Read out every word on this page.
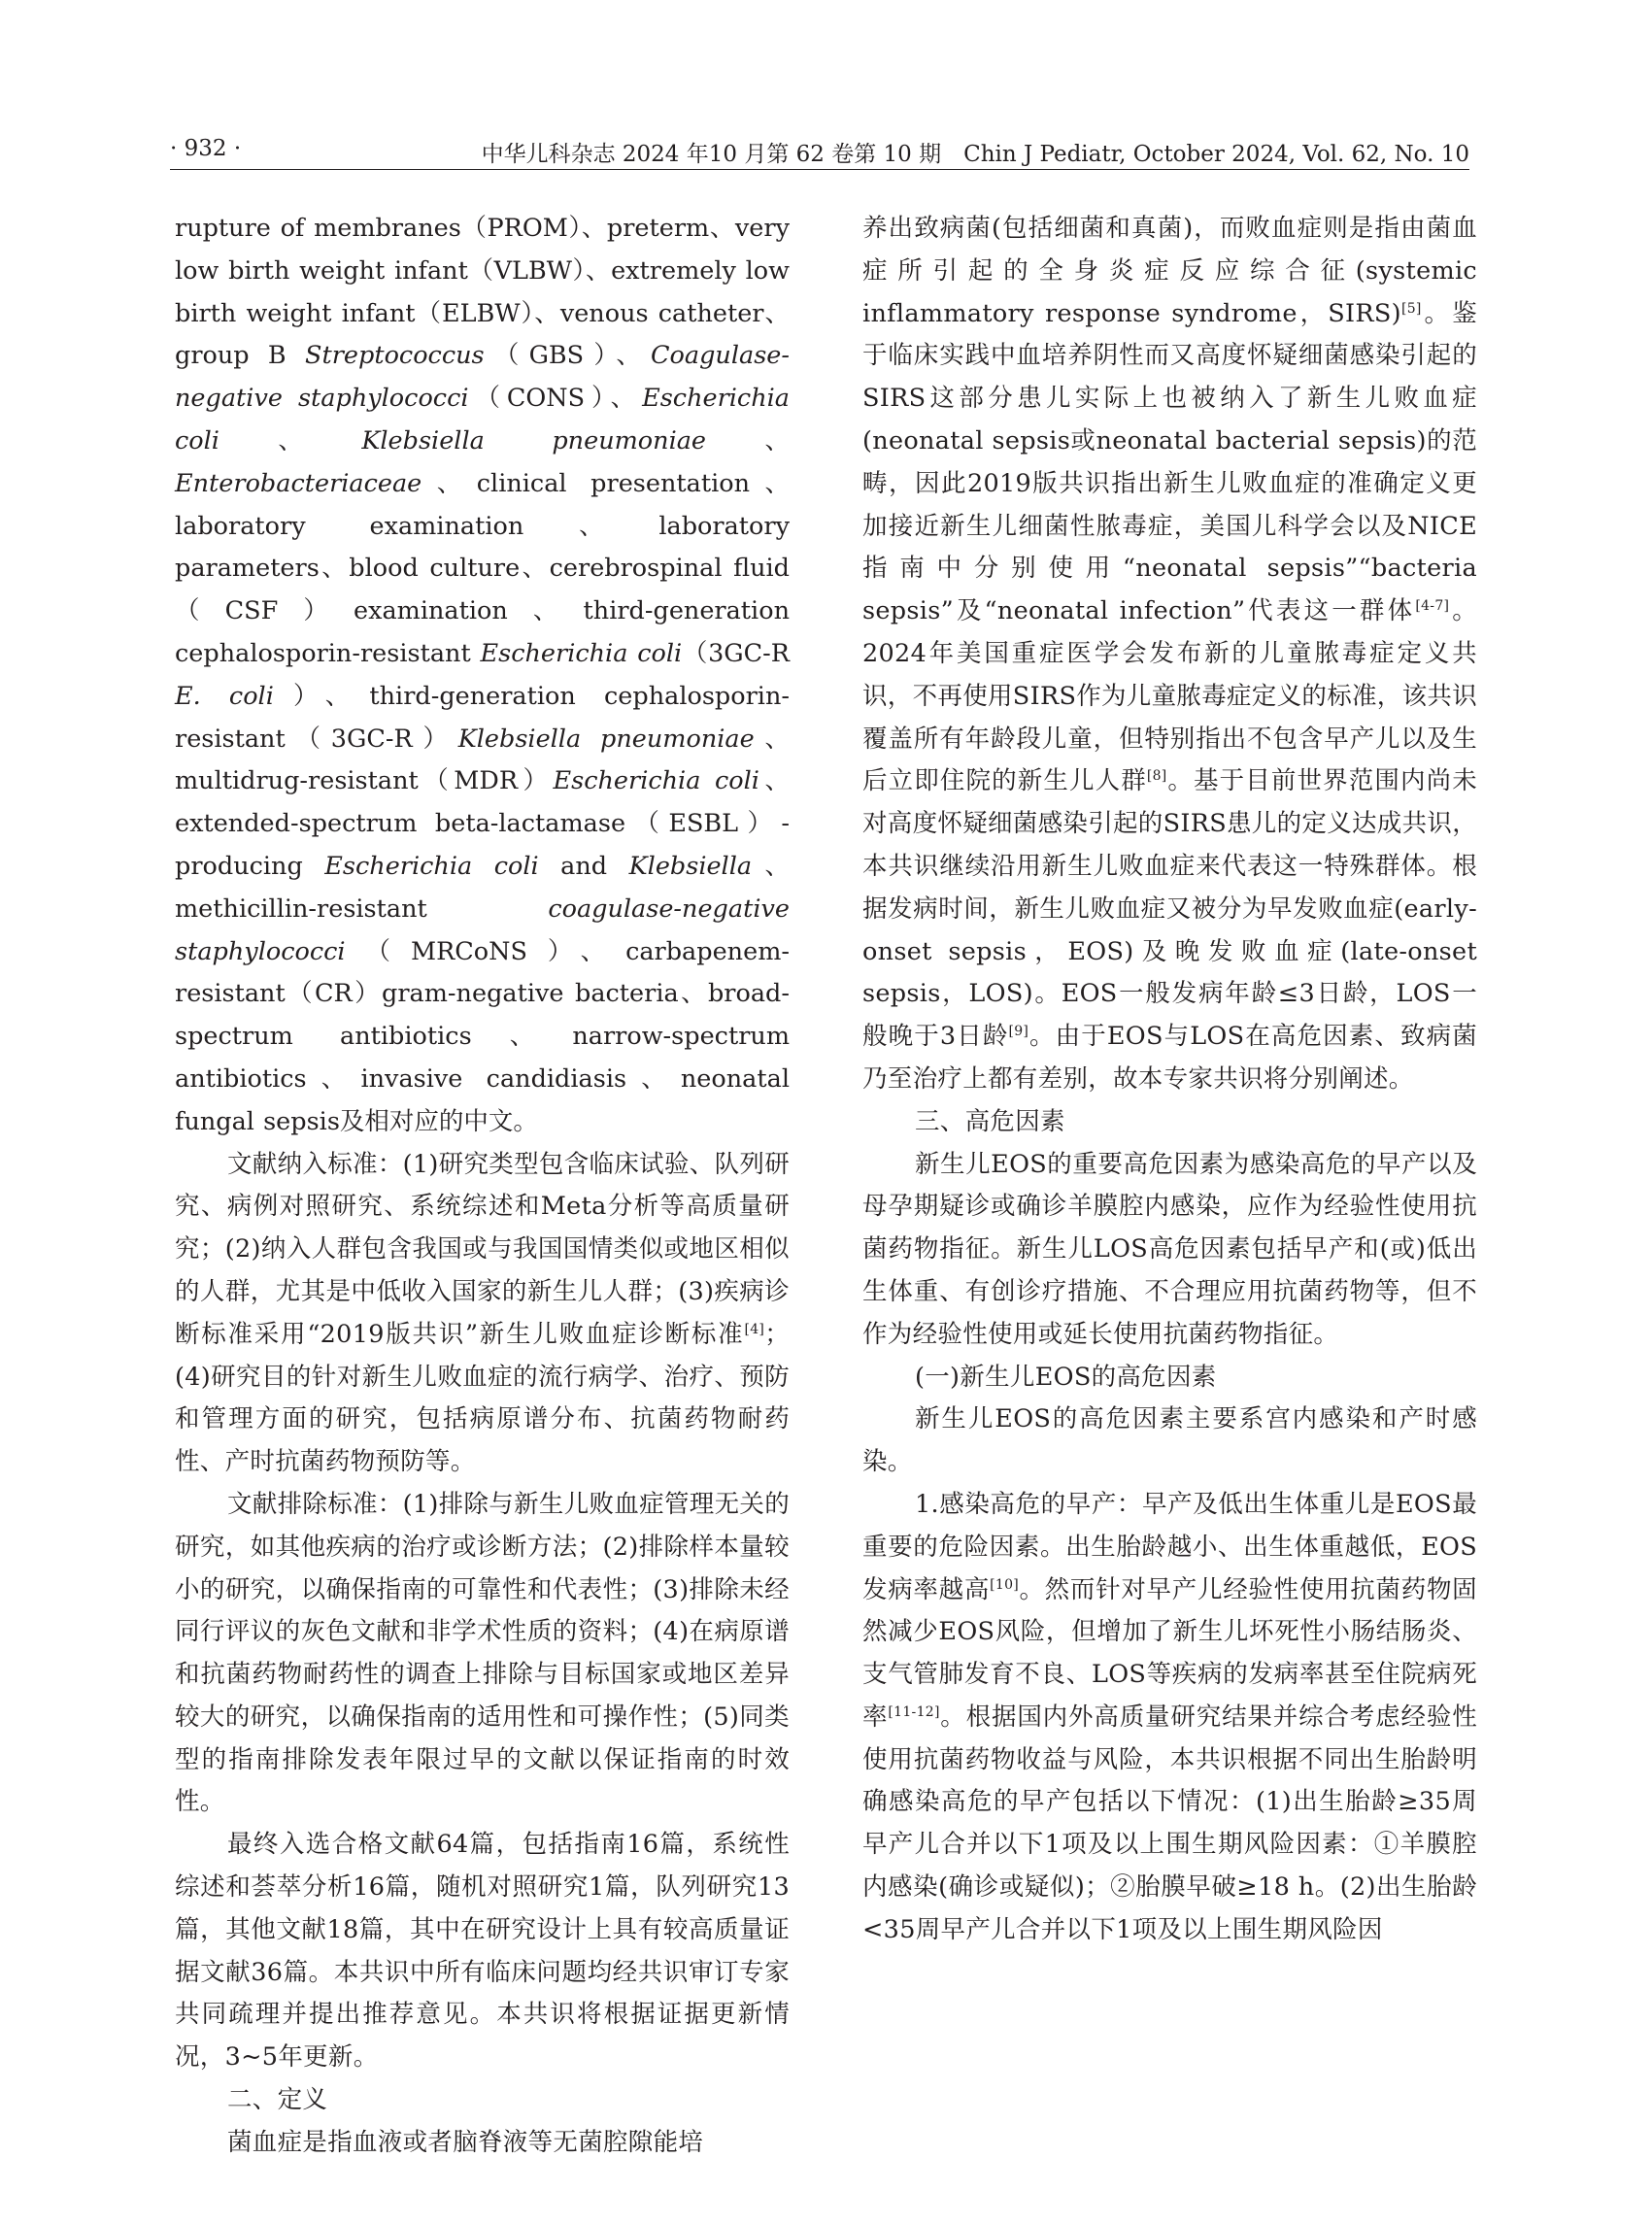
· 932 ·	中华儿科杂志 2024 年10 月第 62 卷第 10 期　Chin J Pediatr, October 2024, Vol. 62, No. 10

rupture of membranes（PROM）、preterm、very low birth weight infant（VLBW）、extremely low birth weight infant（ELBW）、venous catheter、group B Streptococcus（GBS）、Coagulase-negative staphylococci（CONS）、Escherichia coli、Klebsiella pneumoniae、Enterobacteriaceae、clinical presentation、laboratory examination、laboratory parameters、blood culture、cerebrospinal fluid（CSF）examination、third-generation cephalosporin-resistant Escherichia coli（3GC-R E. coli）、third-generation cephalosporin-resistant（3GC-R）Klebsiella pneumoniae、multidrug-resistant（MDR）Escherichia coli、extended-spectrum beta-lactamase（ESBL）-producing Escherichia coli and Klebsiella、methicillin-resistant coagulase-negative staphylococci（MRCoNS）、carbapenem-resistant（CR）gram-negative bacteria、broad-spectrum antibiotics、narrow-spectrum antibiotics、invasive candidiasis、neonatal fungal sepsis及相对应的中文。

文献纳入标准：(1)研究类型包含临床试验、队列研究、病例对照研究、系统综述和Meta分析等高质量研究；(2)纳入人群包含我国或与我国国情类似或地区相似的人群，尤其是中低收入国家的新生儿人群；(3)疾病诊断标准采用“2019版共识”新生儿败血症诊断标准[4]；(4)研究目的针对新生儿败血症的流行病学、治疗、预防和管理方面的研究，包括病原谱分布、抗菌药物耐药性、产时抗菌药物预防等。

文献排除标准：(1)排除与新生儿败血症管理无关的研究，如其他疾病的治疗或诊断方法；(2)排除样本量较小的研究，以确保指南的可靠性和代表性；(3)排除未经同行评议的灰色文献和非学术性质的资料；(4)在病原谱和抗菌药物耐药性的调查上排除与目标国家或地区差异较大的研究，以确保指南的适用性和可操作性；(5)同类型的指南排除发表年限过早的文献以保证指南的时效性。

最终入选合格文献64篇，包括指南16篇，系统性综述和荟萃分析16篇，随机对照研究1篇，队列研究13篇，其他文献18篇，其中在研究设计上具有较高质量证据文献36篇。本共识中所有临床问题均经共识审订专家共同疏理并提出推荐意见。本共识将根据证据更新情况，3~5年更新。

二、定义

菌血症是指血液或者脑脊液等无菌腔隙能培

养出致病菌(包括细菌和真菌)，而败血症则是指由菌血症所引起的全身炎症反应综合征(systemic inflammatory response syndrome，SIRS)[5]。鉴于临床实践中血培养阴性而又高度怀疑细菌感染引起的SIRS这部分患儿实际上也被纳入了新生儿败血症(neonatal sepsis或neonatal bacterial sepsis)的范畴，因此2019版共识指出新生儿败血症的准确定义更加接近新生儿细菌性脓毒症，美国儿科学会以及NICE指南中分别使用“neonatal sepsis”“bacteria sepsis”及“neonatal infection”代表这一群体[4-7]。2024年美国重症医学会发布新的儿童脓毒症定义共识，不再使用SIRS作为儿童脓毒症定义的标准，该共识覆盖所有年龄段儿童，但特别指出不包含早产儿以及生后立即住院的新生儿人群[8]。基于目前世界范围内尚未对高度怀疑细菌感染引起的SIRS患儿的定义达成共识，本共识继续沿用新生儿败血症来代表这一特殊群体。根据发病时间，新生儿败血症又被分为早发败血症(early-onset sepsis，EOS)及晚发败血症(late-onset sepsis，LOS)。EOS一般发病年龄≤3日龄，LOS一般晚于3日龄[9]。由于EOS与LOS在高危因素、致病菌乃至治疗上都有差别，故本专家共识将分别阐述。

三、高危因素

新生儿EOS的重要高危因素为感染高危的早产以及母孕期疑诊或确诊羊膜腔内感染，应作为经验性使用抗菌药物指征。新生儿LOS高危因素包括早产和(或)低出生体重、有创诊疗措施、不合理应用抗菌药物等，但不作为经验性使用或延长使用抗菌药物指征。

(一)新生儿EOS的高危因素

新生儿EOS的高危因素主要系宫内感染和产时感染。

1.感染高危的早产：早产及低出生体重儿是EOS最重要的危险因素。出生胎龄越小、出生体重越低，EOS发病率越高[10]。然而针对早产儿经验性使用抗菌药物固然减少EOS风险，但增加了新生儿坏死性小肠结肠炎、支气管肺发育不良、LOS等疾病的发病率甚至住院病死率[11-12]。根据国内外高质量研究结果并综合考虑经验性使用抗菌药物收益与风险，本共识根据不同出生胎龄明确感染高危的早产包括以下情况：(1)出生胎龄≥35周早产儿合并以下1项及以上围生期风险因素：①羊膜腔内感染(确诊或疑似)；②胎膜早破≥18 h。(2)出生胎龄<35周早产儿合并以下1项及以上围生期风险因
